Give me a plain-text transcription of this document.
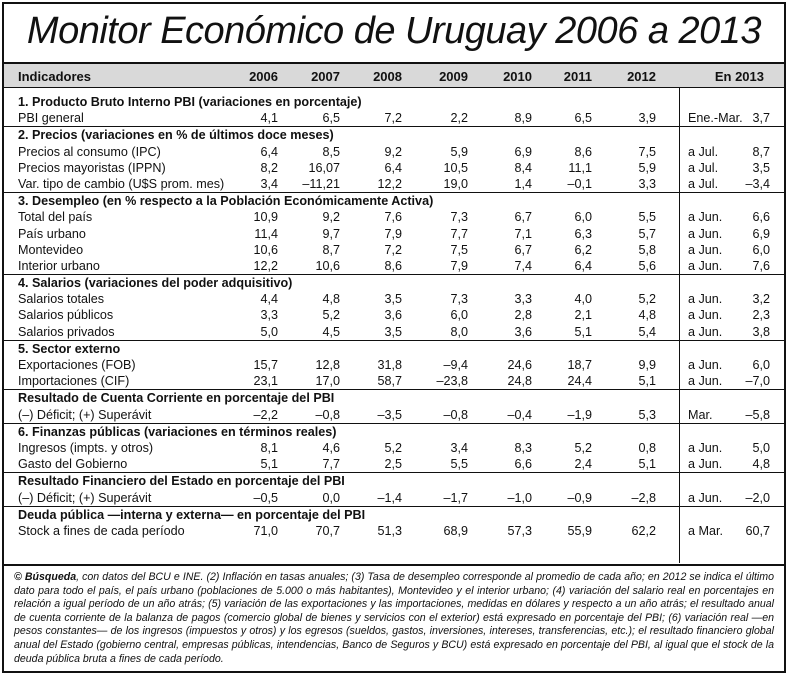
Monitor Económico de Uruguay 2006 a 2013
Indicadores	2006	2007	2008	2009	2010	2011	2012	En 2013
1. Producto Bruto Interno PBI (variaciones en porcentaje)
PBI general	4,1	6,5	7,2	2,2	8,9	6,5	3,9	Ene.-Mar. 3,7
2. Precios (variaciones en % de últimos doce meses)
Precios al consumo (IPC)	6,4	8,5	9,2	5,9	6,9	8,6	7,5	a Jul.	8,7
Precios mayoristas (IPPN)	8,2	16,07	6,4	10,5	8,4	11,1	5,9	a Jul.	3,5
Var. tipo de cambio (U$S prom. mes)	3,4	–11,21	12,2	19,0	1,4	–0,1	3,3	a Jul. –3,4
3. Desempleo (en % respecto a la Población Económicamente Activa)
Total del país	10,9	9,2	7,6	7,3	6,7	6,0	5,5	a Jun. 6,6
País urbano	11,4	9,7	7,9	7,7	7,1	6,3	5,7	a Jun. 6,9
Montevideo	10,6	8,7	7,2	7,5	6,7	6,2	5,8	a Jun. 6,0
Interior urbano	12,2	10,6	8,6	7,9	7,4	6,4	5,6	a Jun. 7,6
4. Salarios (variaciones del poder adquisitivo)
Salarios totales	4,4	4,8	3,5	7,3	3,3	4,0	5,2	a Jun. 3,2
Salarios públicos	3,3	5,2	3,6	6,0	2,8	2,1	4,8	a Jun. 2,3
Salarios privados	5,0	4,5	3,5	8,0	3,6	5,1	5,4	a Jun. 3,8
5. Sector externo
Exportaciones (FOB)	15,7	12,8	31,8	–9,4	24,6	18,7	9,9	a Jun. 6,0
Importaciones (CIF)	23,1	17,0	58,7	–23,8	24,8	24,4	5,1	a Jun. –7,0
Resultado de Cuenta Corriente en porcentaje del PBI
(–) Déficit; (+) Superávit	–2,2	–0,8	–3,5	–0,8	–0,4	–1,9	5,3	Mar.	–5,8
6. Finanzas públicas (variaciones en términos reales)
Ingresos (impts. y otros)	8,1	4,6	5,2	3,4	8,3	5,2	0,8	a Jun. 5,0
Gasto del Gobierno	5,1	7,7	2,5	5,5	6,6	2,4	5,1	a Jun. 4,8
Resultado Financiero del Estado en porcentaje del PBI
(–) Déficit; (+) Superávit	–0,5	0,0	–1,4	–1,7	–1,0	–0,9	–2,8	a Jun. –2,0
Deuda pública —interna y externa— en porcentaje del PBI
Stock a fines de cada período	71,0	70,7	51,3	68,9	57,3	55,9	62,2	a Mar. 60,7
© Búsqueda, con datos del BCU e INE. (2) Inflación en tasas anuales; (3) Tasa de desempleo corresponde al promedio de cada año; en 2012 se indica el último dato para todo el país, el país urbano (poblaciones de 5.000 o más habitantes), Montevideo y el interior urbano; (4) variación del salario real en porcentajes en relación a igual período de un año atrás; (5) variación de las exportaciones y las importaciones, medidas en dólares y respecto a un año atrás; el resultado anual de cuenta corriente de la balanza de pagos (comercio global de bienes y servicios con el exterior) está expresado en porcentaje del PBI; (6) variación real —en pesos constantes— de los ingresos (impuestos y otros) y los egresos (sueldos, gastos, inversiones, intereses, transferencias, etc.); el resultado financiero global anual del Estado (gobierno central, empresas públicas, intendencias, Banco de Seguros y BCU) está expresado en porcentaje del PBI, al igual que el stock de la deuda pública bruta a fines de cada período.
